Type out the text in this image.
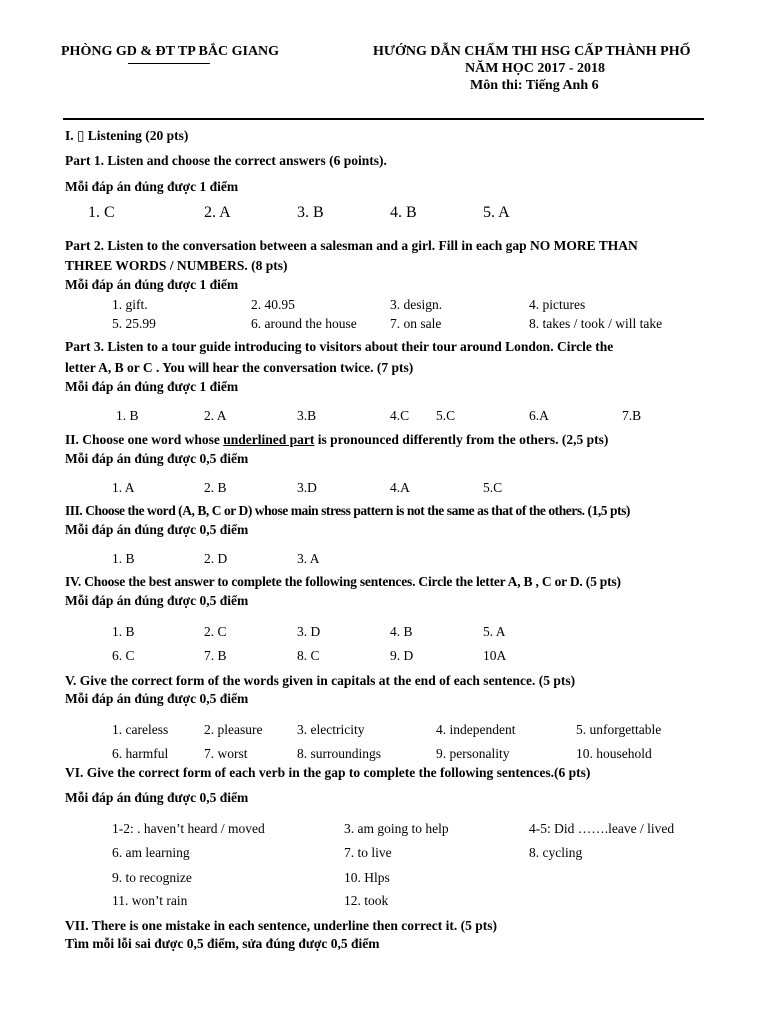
PHÒNG GD & ĐT TP BẮC GIANG	HƯỚNG DẪN CHẤM THI HSG CẤP THÀNH PHỐ
NĂM HỌC 2017 - 2018
Môn thi: Tiếng Anh 6
I. ▯ Listening (20 pts)
Part 1. Listen and choose the correct answers (6 points).
Mỗi đáp án đúng được 1 điểm
1. C	2. A	3. B	4. B	5. A
Part 2. Listen to the conversation between a salesman and a girl. Fill in each gap NO MORE THAN
THREE WORDS / NUMBERS. (8 pts)
Mỗi đáp án đúng được 1 điểm
1. gift.	2. 40.95	3. design.	4. pictures
5. 25.99	6. around the house 7. on sale	8. takes / took / will take
Part 3. Listen to a tour guide introducing to visitors about their tour around London. Circle the
letter A, B or C . You will hear the conversation twice. (7 pts)
Mỗi đáp án đúng được 1 điểm
1. B	2. A	3.B	4.C 5.C	6.A	7.B
II. Choose one word whose underlined part is pronounced differently from the others. (2,5 pts)
Mỗi đáp án đúng được 0,5 điểm
1. A	2. B	3.D	4.A	5.C
III. Choose the word (A, B, C or D) whose main stress pattern is not the same as that of the others. (1,5 pts)
Mỗi đáp án đúng được 0,5 điểm
1. B	2. D	3. A
IV. Choose the best answer to complete the following sentences. Circle the letter A, B , C or D. (5 pts)
Mỗi đáp án đúng được 0,5 điểm
1. B	2. C	3. D	4. B	5. A
6. C	7. B	8. C	9. D	10A
V. Give the correct form of the words given in capitals at the end of each sentence. (5 pts)
Mỗi đáp án đúng được 0,5 điểm
1. careless	2. pleasure	3. electricity	4. independent	5. unforgettable
6. harmful	7. worst	8. surroundings	9. personality	10. household
VI. Give the correct form of each verb in the gap to complete the following sentences.(6 pts)
Mỗi đáp án đúng được 0,5 điểm
1-2: . haven’t heard / moved	3. am going to help	4-5: Did …….leave / lived
6. am learning	7. to live	8. cycling
9. to recognize	10. Hlps
11. won’t rain	12. took
VII. There is one mistake in each sentence, underline then correct it. (5 pts)
Tìm mỗi lỗi sai được 0,5 điểm, sửa đúng được 0,5 điểm
